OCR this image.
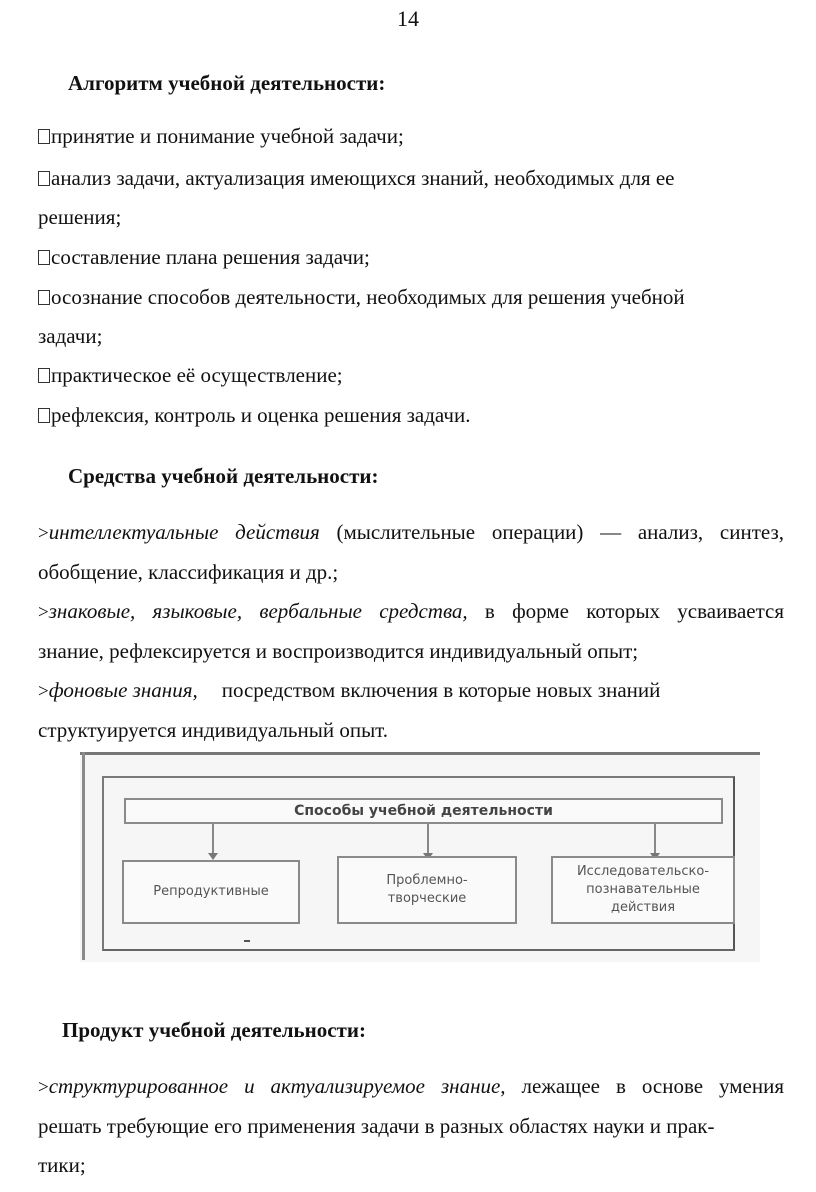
14
Алгоритм учебной деятельности:
принятие и понимание учебной задачи;
анализ задачи, актуализация имеющихся знаний, необходимых для ее
решения;
составление плана решения задачи;
осознание способов деятельности, необходимых для решения учебной
задачи;
практическое её осуществление;
рефлексия, контроль и оценка решения задачи.
Средства учебной деятельности:
>интеллектуальные действия (мыслительные операции) — анализ, синтез,
обобщение, классификация и др.;
>знаковые, языковые, вербальные средства, в форме которых усваивается
знание, рефлексируется и воспроизводится индивидуальный опыт;
>фоновые знания, посредством включения в которые новых знаний
структуируется индивидуальный опыт.
Способы учебной деятельности
Репродуктивные
Проблемно-
творческие
Исследовательско-
познавательные
действия
Продукт учебной деятельности:
>структурированное и актуализируемое знание, лежащее в основе умения
решать требующие его применения задачи в разных областях науки и прак-
тики;
